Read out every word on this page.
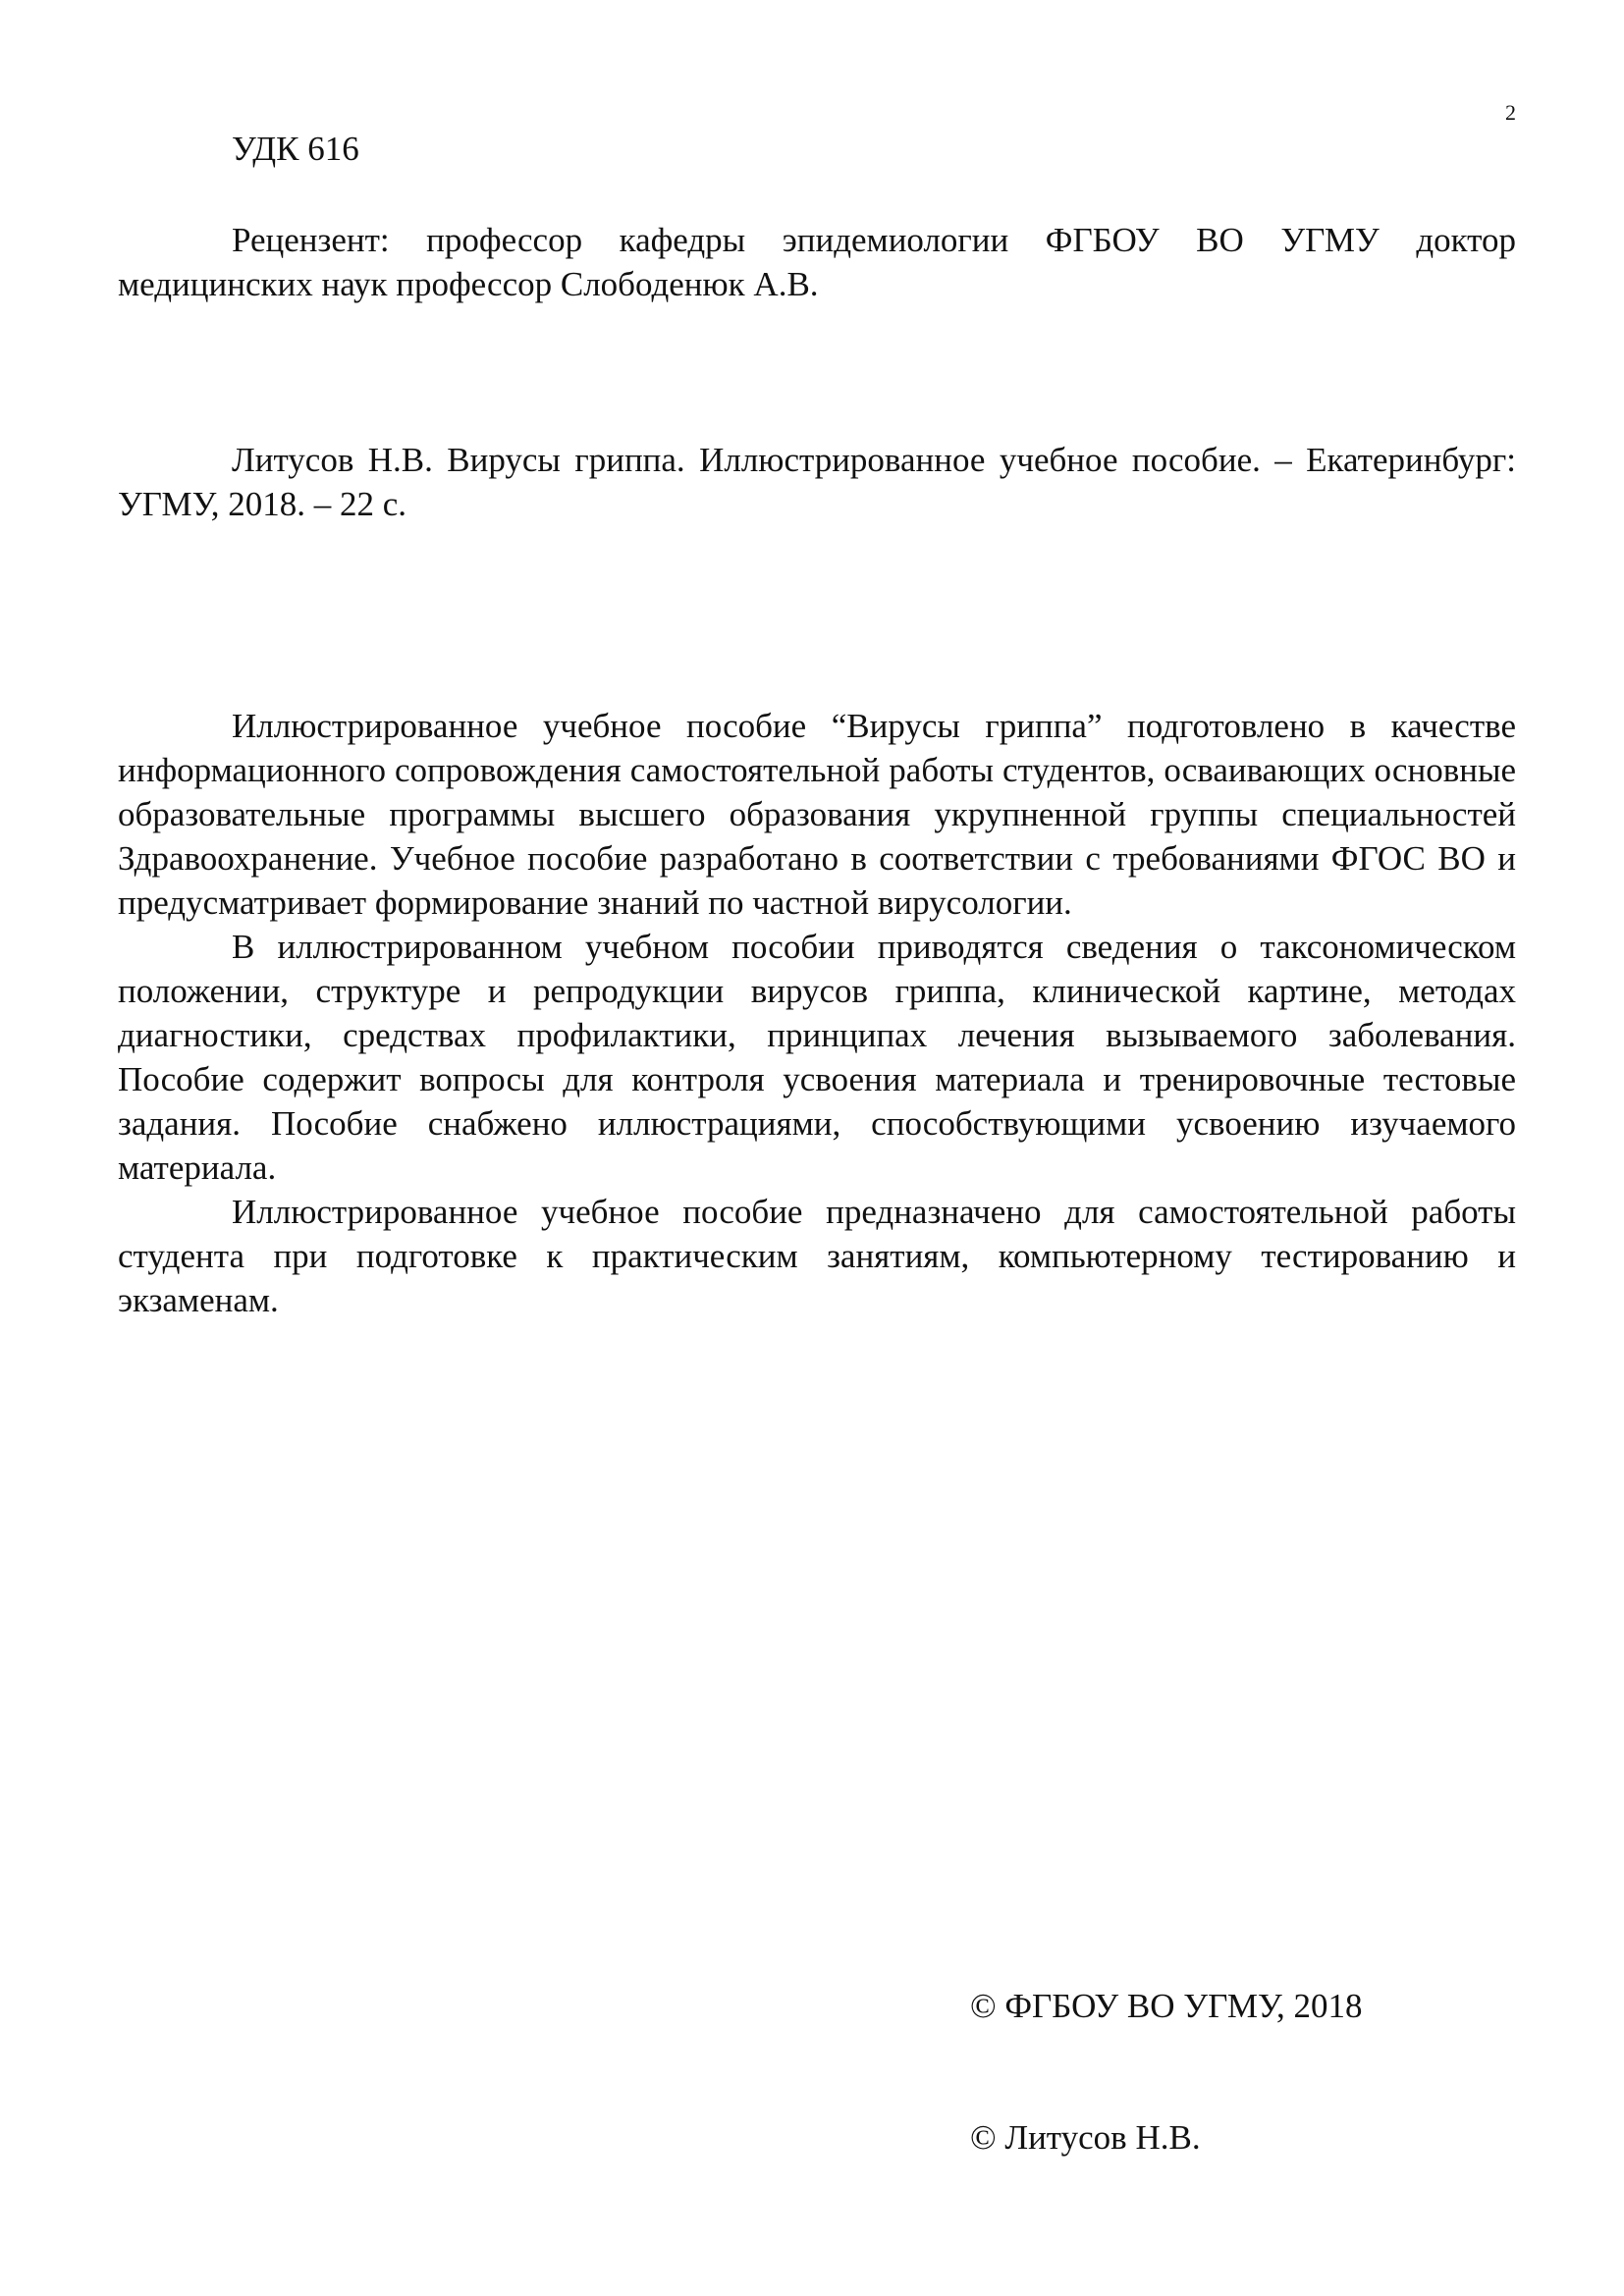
2
УДК 616

Рецензент: профессор кафедры эпидемиологии ФГБОУ ВО УГМУ доктор медицинских наук профессор Слободенюк А.В.

Литусов Н.В. Вирусы гриппа. Иллюстрированное учебное пособие. – Екатеринбург: УГМУ, 2018. – 22 с.

Иллюстрированное учебное пособие “Вирусы гриппа” подготовлено в качестве информационного сопровождения самостоятельной работы студентов, осваивающих основные образовательные программы высшего образования укрупненной группы специальностей Здравоохранение. Учебное пособие разработано в соответствии с требованиями ФГОС ВО и предусматривает формирование знаний по частной вирусологии.

В иллюстрированном учебном пособии приводятся сведения о таксономическом положении, структуре и репродукции вирусов гриппа, клинической картине, методах диагностики, средствах профилактики, принципах лечения вызываемого заболевания. Пособие содержит вопросы для контроля усвоения материала и тренировочные тестовые задания. Пособие снабжено иллюстрациями, способствующими усвоению изучаемого материала.

Иллюстрированное учебное пособие предназначено для самостоятельной работы студента при подготовке к практическим занятиям, компьютерному тестированию и экзаменам.

© ФГБОУ ВО УГМУ, 2018
© Литусов Н.В.
